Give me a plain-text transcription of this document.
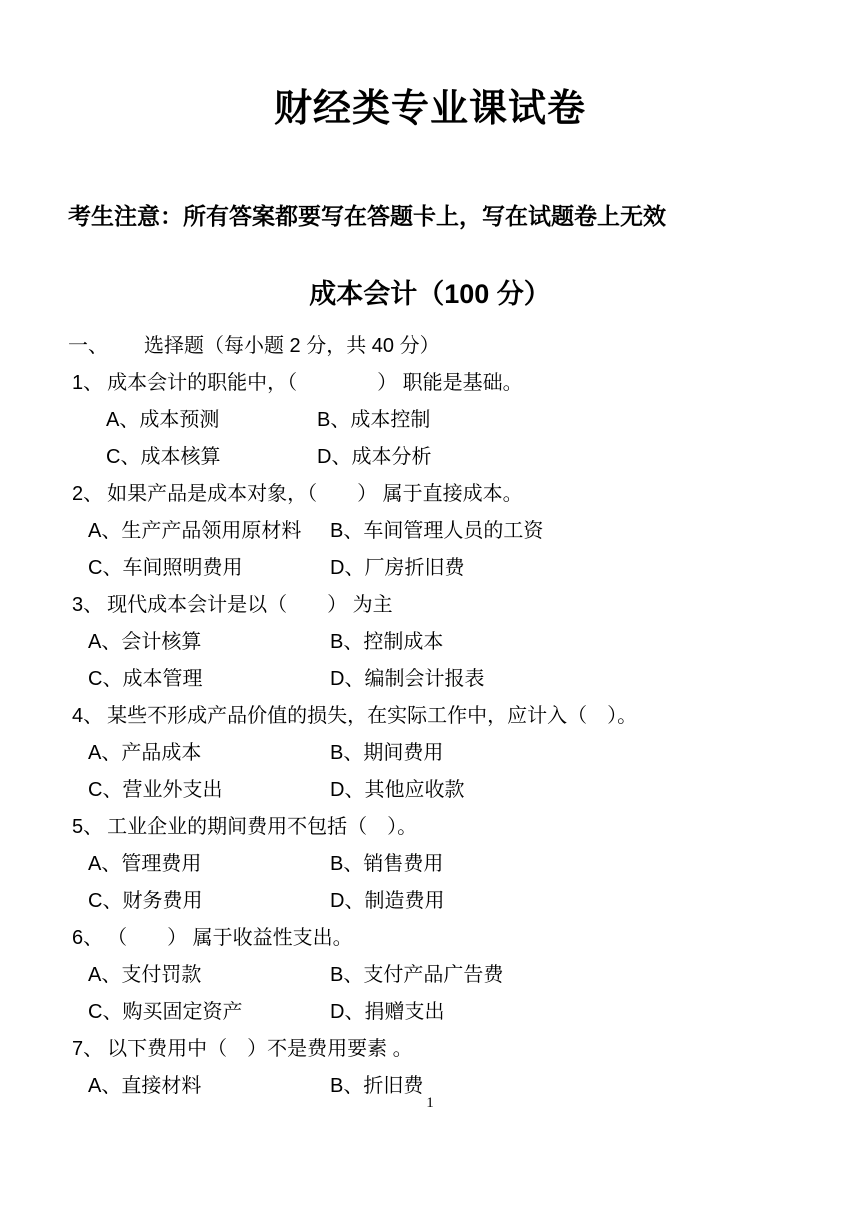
财经类专业课试卷
考生注意：所有答案都要写在答题卡上，写在试题卷上无效
成本会计（100 分）
一、 选择题（每小题 2 分，共 40 分）
1、 成本会计的职能中，（　　　　） 职能是基础。
A、成本预测	B、成本控制
C、成本核算	D、成本分析
2、 如果产品是成本对象，（　　） 属于直接成本。
A、生产产品领用原材料	B、车间管理人员的工资
C、车间照明费用	D、厂房折旧费
3、 现代成本会计是以（　　） 为主
A、会计核算	B、控制成本
C、成本管理	D、编制会计报表
4、 某些不形成产品价值的损失，在实际工作中，应计入（　）。
A、产品成本	B、期间费用
C、营业外支出	D、其他应收款
5、 工业企业的期间费用不包括（　）。
A、管理费用	B、销售费用
C、财务费用	D、制造费用
6、 （　　） 属于收益性支出。
A、支付罚款	B、支付产品广告费
C、购买固定资产	D、捐赠支出
7、 以下费用中（　）不是费用要素 。
A、直接材料	B、折旧费
1
